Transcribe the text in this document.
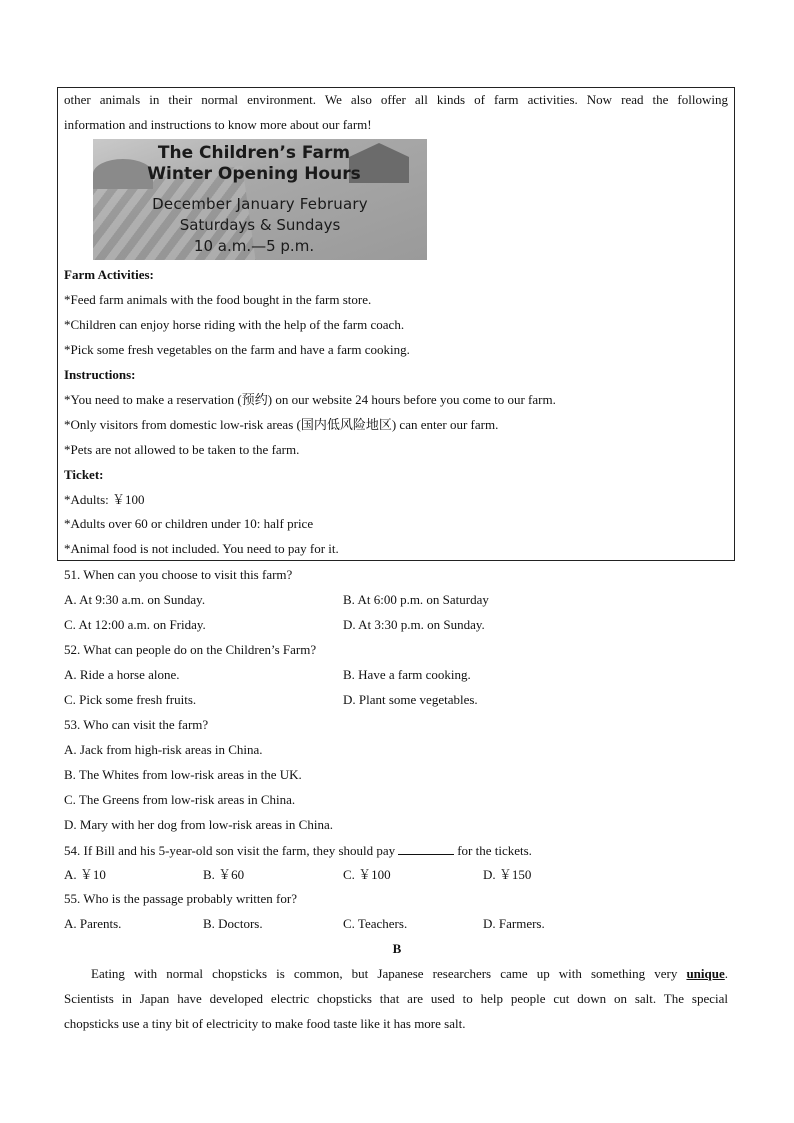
other animals in their normal environment. We also offer all kinds of farm activities. Now read the following
information and instructions to know more about our farm!
The Children’s Farm
Winter Opening Hours
December January February
Saturdays & Sundays
10 a.m.—5 p.m.
Farm Activities:
*Feed farm animals with the food bought in the farm store.
*Children can enjoy horse riding with the help of the farm coach.
*Pick some fresh vegetables on the farm and have a farm cooking.
Instructions:
*You need to make a reservation (预约) on our website 24 hours before you come to our farm.
*Only visitors from domestic low-risk areas (国内低风险地区) can enter our farm.
*Pets are not allowed to be taken to the farm.
Ticket:
*Adults: ￥100
*Adults over 60 or children under 10: half price
*Animal food is not included. You need to pay for it.
51. When can you choose to visit this farm?
A. At 9:30 a.m. on Sunday.	B. At 6:00 p.m. on Saturday
C. At 12:00 a.m. on Friday.	D. At 3:30 p.m. on Sunday.
52. What can people do on the Children’s Farm?
A. Ride a horse alone.	B. Have a farm cooking.
C. Pick some fresh fruits.	D. Plant some vegetables.
53. Who can visit the farm?
A. Jack from high-risk areas in China.
B. The Whites from low-risk areas in the UK.
C. The Greens from low-risk areas in China.
D. Mary with her dog from low-risk areas in China.
54. If Bill and his 5-year-old son visit the farm, they should pay	for the tickets.
A. ￥10	B. ￥60	C. ￥100	D. ￥150
55. Who is the passage probably written for?
A. Parents.	B. Doctors.	C. Teachers.	D. Farmers.
B
Eating with normal chopsticks is common, but Japanese researchers came up with something very unique.
Scientists in Japan have developed electric chopsticks that are used to help people cut down on salt. The special
chopsticks use a tiny bit of electricity to make food taste like it has more salt.
